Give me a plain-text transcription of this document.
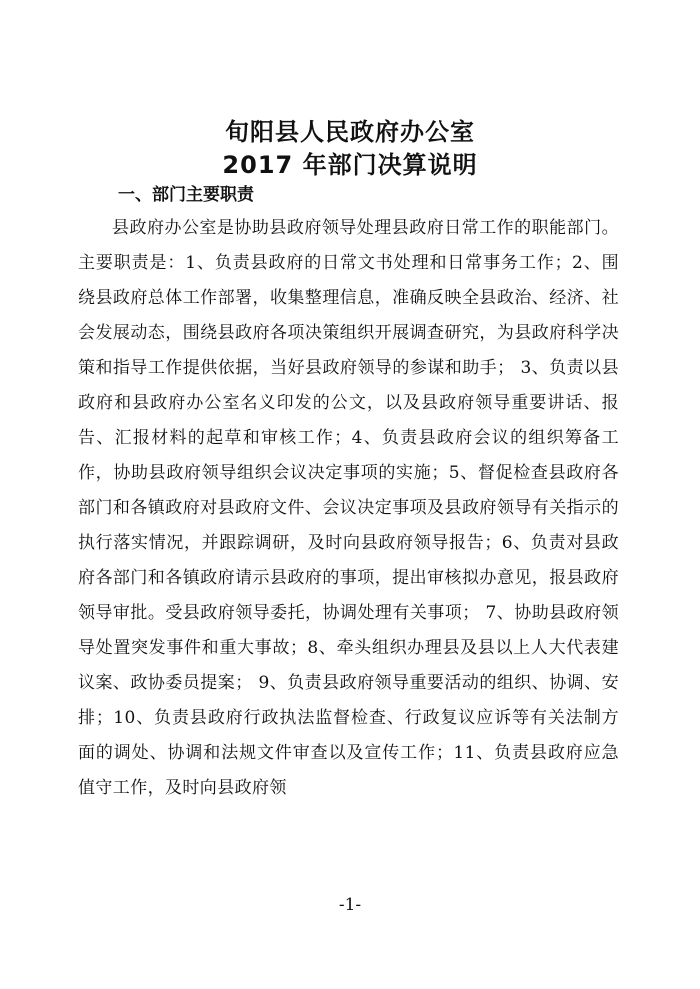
旬阳县人民政府办公室
2017 年部门决算说明
一、部门主要职责
县政府办公室是协助县政府领导处理县政府日常工作的职能部门。主要职责是：1、负责县政府的日常文书处理和日常事务工作；2、围绕县政府总体工作部署，收集整理信息，准确反映全县政治、经济、社会发展动态，围绕县政府各项决策组织开展调查研究，为县政府科学决策和指导工作提供依据，当好县政府领导的参谋和助手； 3、负责以县政府和县政府办公室名义印发的公文，以及县政府领导重要讲话、报告、汇报材料的起草和审核工作；4、负责县政府会议的组织筹备工作，协助县政府领导组织会议决定事项的实施；5、督促检查县政府各部门和各镇政府对县政府文件、会议决定事项及县政府领导有关指示的执行落实情况，并跟踪调研，及时向县政府领导报告；6、负责对县政府各部门和各镇政府请示县政府的事项，提出审核拟办意见，报县政府领导审批。受县政府领导委托，协调处理有关事项； 7、协助县政府领导处置突发事件和重大事故；8、牵头组织办理县及县以上人大代表建议案、政协委员提案； 9、负责县政府领导重要活动的组织、协调、安排；10、负责县政府行政执法监督检查、行政复议应诉等有关法制方面的调处、协调和法规文件审查以及宣传工作；11、负责县政府应急值守工作，及时向县政府领
-1-
